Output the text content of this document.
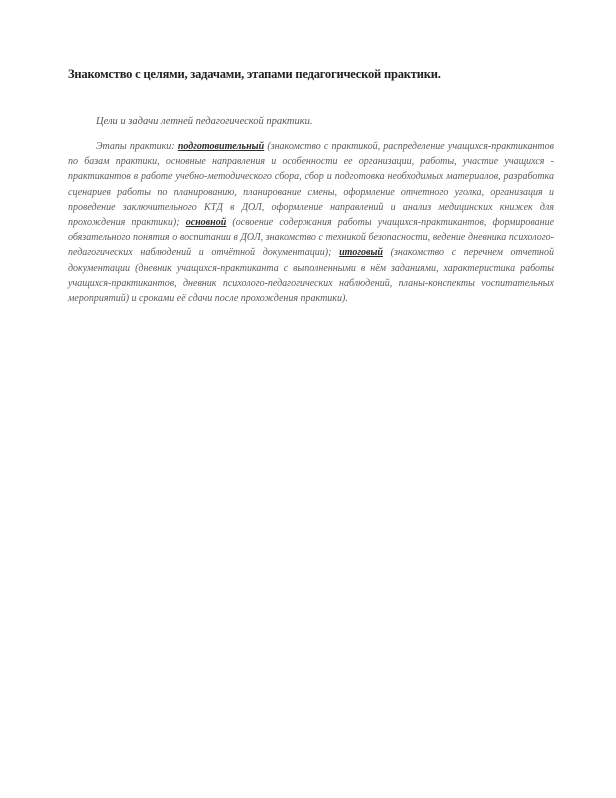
Знакомство с целями, задачами, этапами педагогической практики.
Цели и задачи летней педагогической практики.
Этапы практики: подготовительный (знакомство с практикой, распределение учащихся-практикантов по базам практики, основные направления и особенности ее организации, работы, участие учащихся - практикантов в работе учебно-методического сбора, сбор и подготовка необходимых материалов, разработка сценариев работы по планированию, планирование смены, оформление отчетного уголка, организация и проведение заключительного КТД в ДОЛ, оформление направлений и анализ медицинских книжек для прохождения практики); основной (освоение содержания работы учащихся-практикантов, формирование обязательного понятия о воспитании в ДОЛ, знакомство с техникой безопасности, ведение дневника психолого-педагогических наблюдений и отчётной документации); итоговый (знакомство с перечнем отчетной документации (дневник учащихся-практиканта с выполненными в нём заданиями, характеристика работы учащихся-практикантов, дневник психолого-педагогических наблюдений, планы-конспекты voспитательных мероприятий) и сроками её сдачи после прохождения практики).
